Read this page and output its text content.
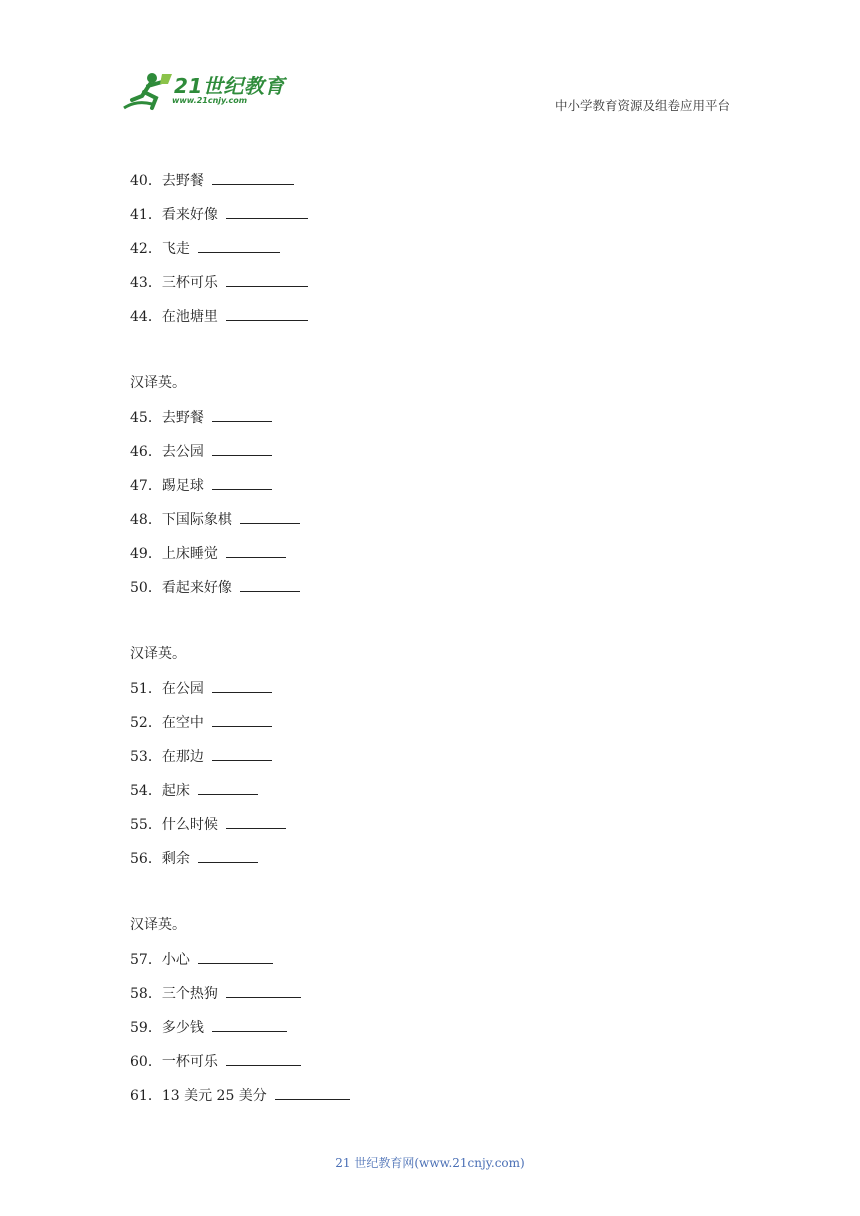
21世纪教育
www.21cnjy.com	中小学教育资源及组卷应用平台
40．去野餐
41．看来好像
42．飞走
43．三杯可乐
44．在池塘里
汉译英。
45．去野餐
46．去公园
47．踢足球
48．下国际象棋
49．上床睡觉
50．看起来好像
汉译英。
51．在公园
52．在空中
53．在那边
54．起床
55．什么时候
56．剩余
汉译英。
57．小心
58．三个热狗
59．多少钱
60．一杯可乐
61．13 美元 25 美分
21 世纪教育网(www.21cnjy.com)
